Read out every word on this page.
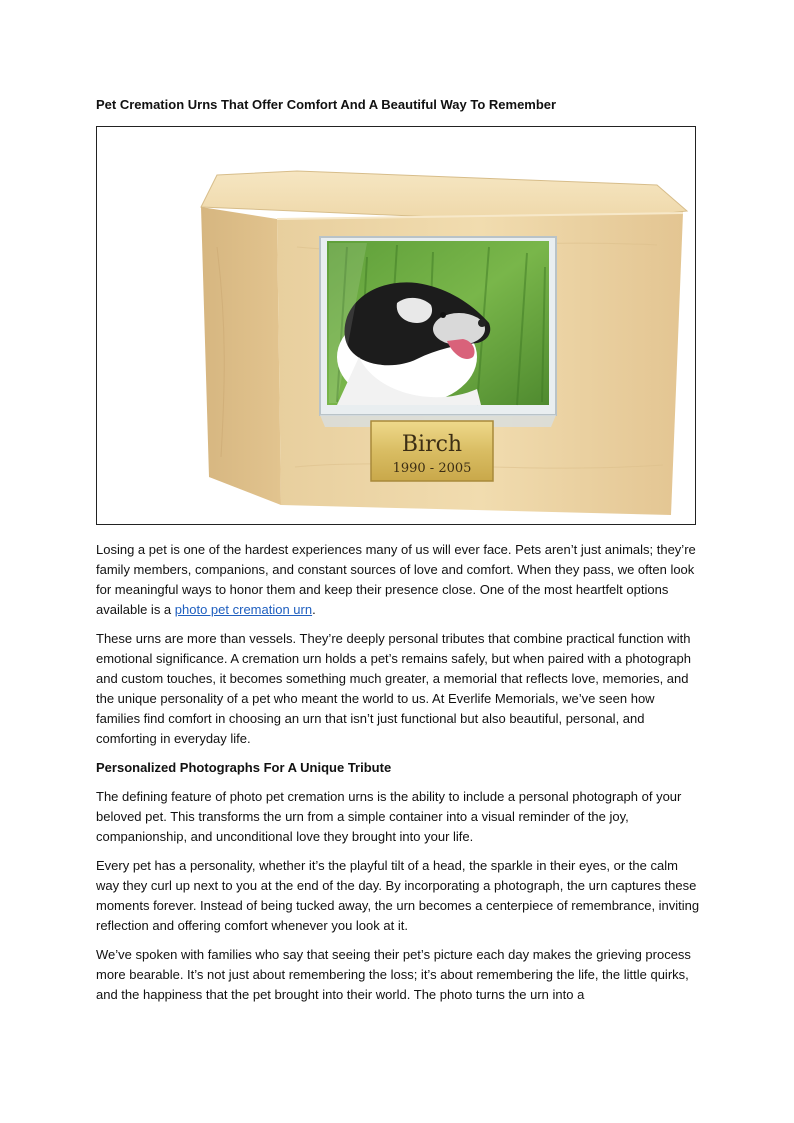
Pet Cremation Urns That Offer Comfort And A Beautiful Way To Remember
Birch
1990 - 2005

Losing a pet is one of the hardest experiences many of us will ever face. Pets aren’t just animals; they’re family members, companions, and constant sources of love and comfort. When they pass, we often look for meaningful ways to honor them and keep their presence close. One of the most heartfelt options available is a photo pet cremation urn.

These urns are more than vessels. They’re deeply personal tributes that combine practical function with emotional significance. A cremation urn holds a pet’s remains safely, but when paired with a photograph and custom touches, it becomes something much greater, a memorial that reflects love, memories, and the unique personality of a pet who meant the world to us. At Everlife Memorials, we’ve seen how families find comfort in choosing an urn that isn’t just functional but also beautiful, personal, and comforting in everyday life.

Personalized Photographs For A Unique Tribute

The defining feature of photo pet cremation urns is the ability to include a personal photograph of your beloved pet. This transforms the urn from a simple container into a visual reminder of the joy, companionship, and unconditional love they brought into your life.

Every pet has a personality, whether it’s the playful tilt of a head, the sparkle in their eyes, or the calm way they curl up next to you at the end of the day. By incorporating a photograph, the urn captures these moments forever. Instead of being tucked away, the urn becomes a centerpiece of remembrance, inviting reflection and offering comfort whenever you look at it.

We’ve spoken with families who say that seeing their pet’s picture each day makes the grieving process more bearable. It’s not just about remembering the loss; it’s about remembering the life, the little quirks, and the happiness that the pet brought into their world. The photo turns the urn into a
